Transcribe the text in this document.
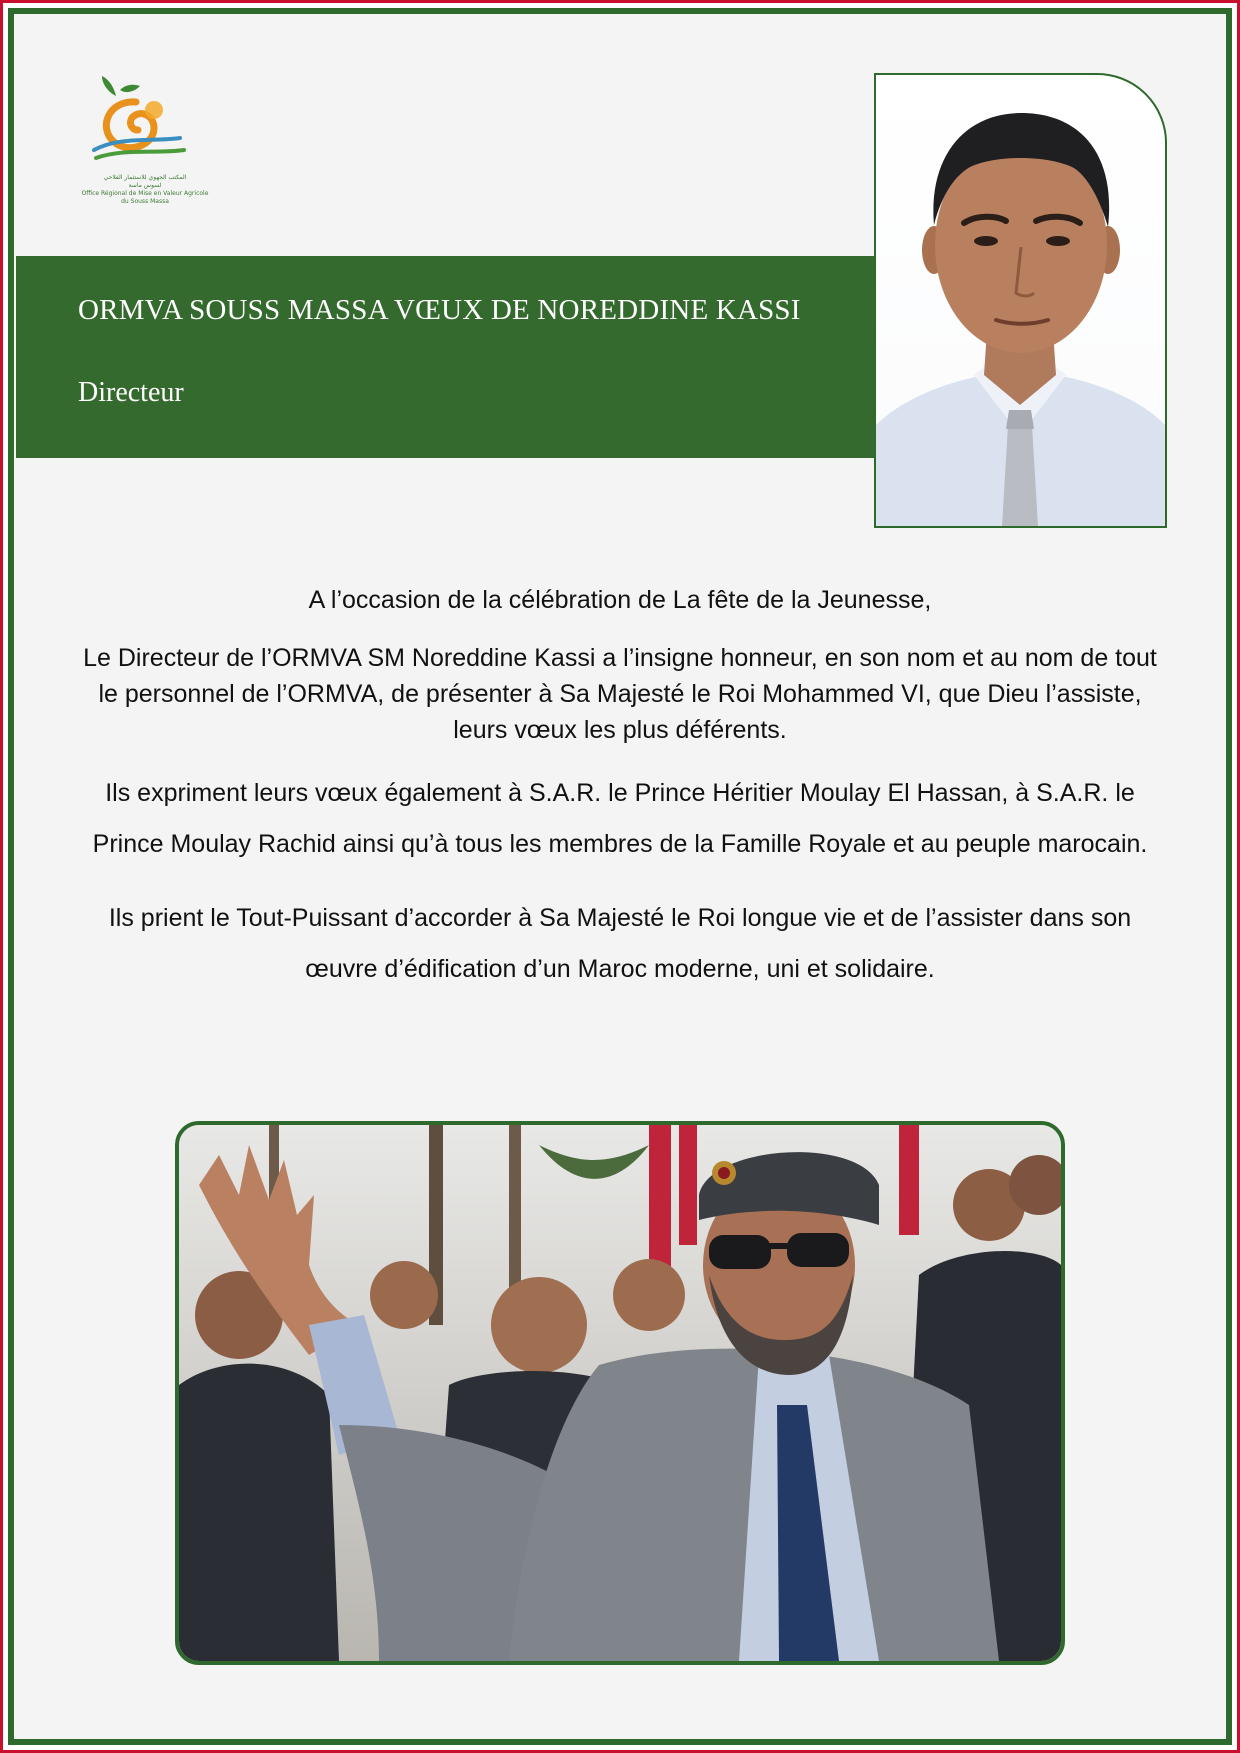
المكتب الجهوي للاستثمار الفلاحي
لسوس ماسة
Office Régional de Mise en Valeur Agricole
du Souss Massa
ORMVA SOUSS MASSA VŒUX DE NOREDDINE KASSI
Directeur

A l’occasion de la célébration de La fête de la Jeunesse,

Le Directeur de l’ORMVA SM Noreddine Kassi a l’insigne honneur, en son nom et au nom de tout le personnel de l’ORMVA, de présenter à Sa Majesté le Roi Mohammed VI, que Dieu l’assiste, leurs vœux les plus déférents.

Ils expriment leurs vœux également à S.A.R. le Prince Héritier Moulay El Hassan, à S.A.R. le Prince Moulay Rachid ainsi qu’à tous les membres de la Famille Royale et au peuple marocain.

Ils prient le Tout-Puissant d’accorder à Sa Majesté le Roi longue vie et de l’assister dans son œuvre d’édification d’un Maroc moderne, uni et solidaire.
